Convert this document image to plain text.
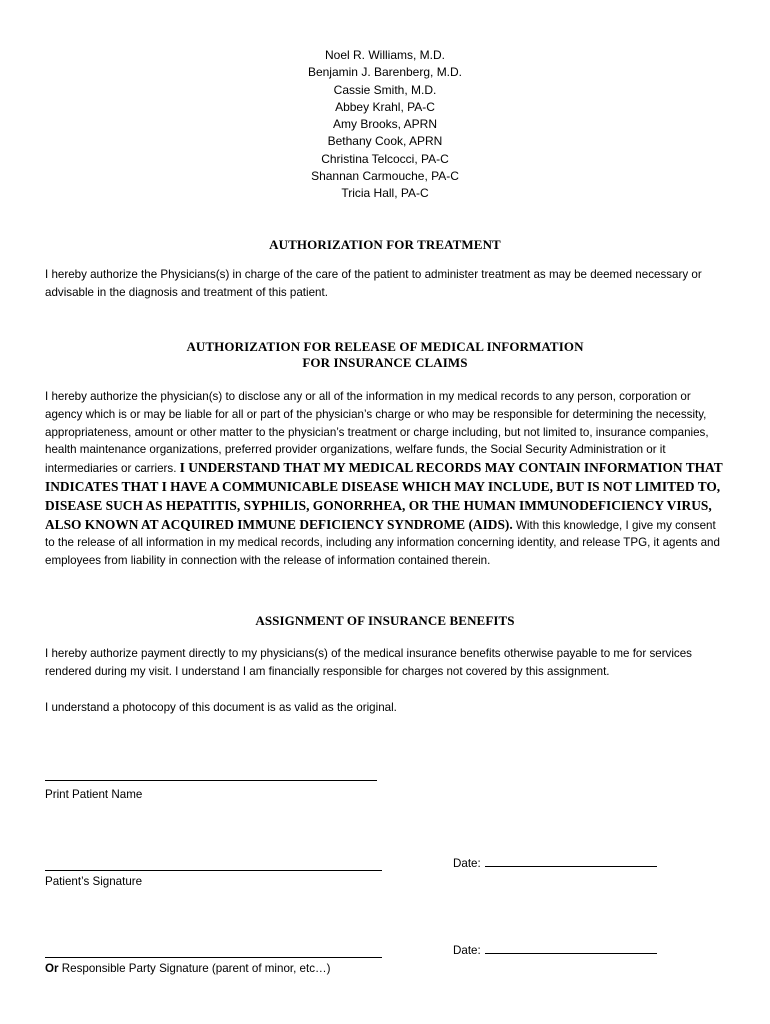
Noel R. Williams, M.D.
Benjamin J. Barenberg, M.D.
Cassie Smith, M.D.
Abbey Krahl, PA-C
Amy Brooks, APRN
Bethany Cook, APRN
Christina Telcocci, PA-C
Shannan Carmouche, PA-C
Tricia Hall, PA-C
AUTHORIZATION FOR TREATMENT
I hereby authorize the Physicians(s) in charge of the care of the patient to administer treatment as may be deemed necessary or advisable in the diagnosis and treatment of this patient.
AUTHORIZATION FOR RELEASE OF MEDICAL INFORMATION
FOR INSURANCE CLAIMS
I hereby authorize the physician(s) to disclose any or all of the information in my medical records to any person, corporation or agency which is or may be liable for all or part of the physician’s charge or who may be responsible for determining the necessity, appropriateness, amount or other matter to the physician’s treatment or charge including, but not limited to, insurance companies, health maintenance organizations, preferred provider organizations, welfare funds, the Social Security Administration or it intermediaries or carriers. I UNDERSTAND THAT MY MEDICAL RECORDS MAY CONTAIN INFORMATION THAT INDICATES THAT I HAVE A COMMUNICABLE DISEASE WHICH MAY INCLUDE, BUT IS NOT LIMITED TO, DISEASE SUCH AS HEPATITIS, SYPHILIS, GONORRHEA, OR THE HUMAN IMMUNODEFICIENCY VIRUS, ALSO KNOWN AT ACQUIRED IMMUNE DEFICIENCY SYNDROME (AIDS). With this knowledge, I give my consent to the release of all information in my medical records, including any information concerning identity, and release TPG, it agents and employees from liability in connection with the release of information contained therein.
ASSIGNMENT OF INSURANCE BENEFITS
I hereby authorize payment directly to my physicians(s) of the medical insurance benefits otherwise payable to me for services rendered during my visit. I understand I am financially responsible for charges not covered by this assignment.
I understand a photocopy of this document is as valid as the original.
Print Patient Name
Patient’s Signature
Date:
Or Responsible Party Signature (parent of minor, etc…)
Date:
